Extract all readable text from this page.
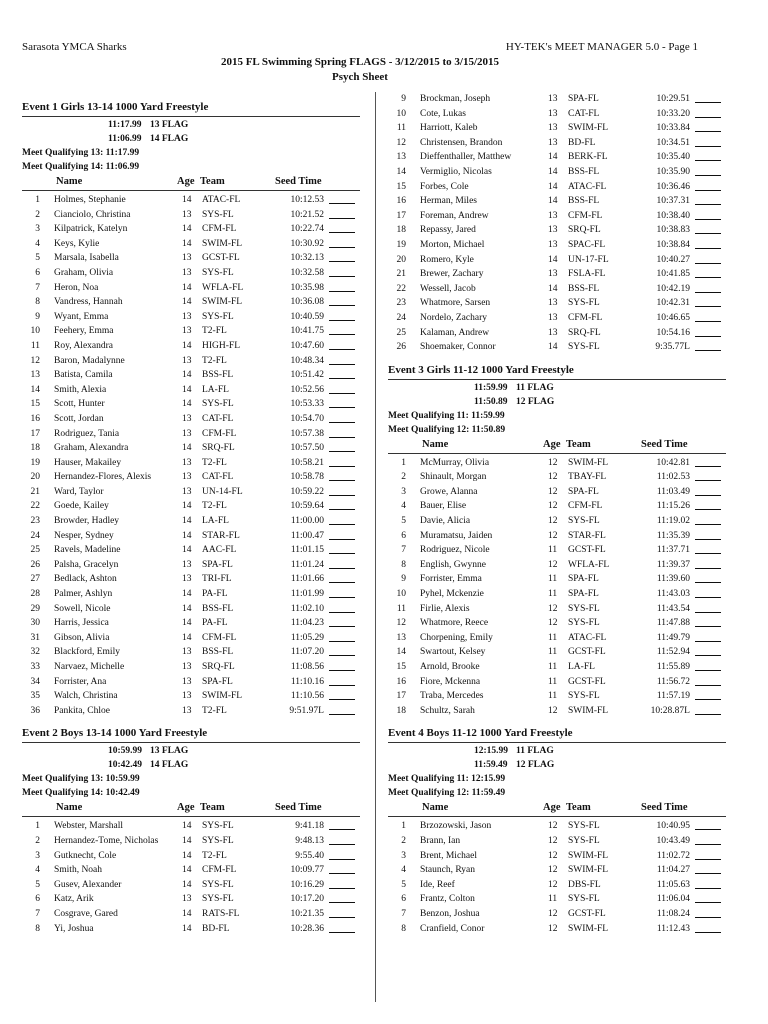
Sarasota YMCA Sharks	HY-TEK's MEET MANAGER 5.0 - Page 1
2015 FL Swimming Spring FLAGS - 3/12/2015 to 3/15/2015
Psych Sheet
Event 1 Girls 13-14 1000 Yard Freestyle
11:17.99 13 FLAG
11:06.99 14 FLAG
Meet Qualifying 13: 11:17.99
Meet Qualifying 14: 11:06.99
Name	Age Team	Seed Time
1 Holmes, Stephanie	14 ATAC-FL	10:12.53
2 Cianciolo, Christina	13 SYS-FL	10:21.52
3 Kilpatrick, Katelyn	14 CFM-FL	10:22.74
4 Keys, Kylie	14 SWIM-FL	10:30.92
5 Marsala, Isabella	13 GCST-FL	10:32.13
6 Graham, Olivia	13 SYS-FL	10:32.58
7 Heron, Noa	14 WFLA-FL	10:35.98
8 Vandress, Hannah	14 SWIM-FL	10:36.08
9 Wyant, Emma	13 SYS-FL	10:40.59
10 Feehery, Emma	13 T2-FL	10:41.75
11 Roy, Alexandra	14 HIGH-FL	10:47.60
12 Baron, Madalynne	13 T2-FL	10:48.34
13 Batista, Camila	14 BSS-FL	10:51.42
14 Smith, Alexia	14 LA-FL	10:52.56
15 Scott, Hunter	14 SYS-FL	10:53.33
16 Scott, Jordan	13 CAT-FL	10:54.70
17 Rodriguez, Tania	13 CFM-FL	10:57.38
18 Graham, Alexandra	14 SRQ-FL	10:57.50
19 Hauser, Makailey	13 T2-FL	10:58.21
20 Hernandez-Flores, Alexis	13 CAT-FL	10:58.78
21 Ward, Taylor	13 UN-14-FL	10:59.22
22 Goede, Kailey	14 T2-FL	10:59.64
23 Browder, Hadley	14 LA-FL	11:00.00
24 Nesper, Sydney	14 STAR-FL	11:00.47
25 Ravels, Madeline	14 AAC-FL	11:01.15
26 Palsha, Gracelyn	13 SPA-FL	11:01.24
27 Bedlack, Ashton	13 TRI-FL	11:01.66
28 Palmer, Ashlyn	14 PA-FL	11:01.99
29 Sowell, Nicole	14 BSS-FL	11:02.10
30 Harris, Jessica	14 PA-FL	11:04.23
31 Gibson, Alivia	14 CFM-FL	11:05.29
32 Blackford, Emily	13 BSS-FL	11:07.20
33 Narvaez, Michelle	13 SRQ-FL	11:08.56
34 Forrister, Ana	13 SPA-FL	11:10.16
35 Walch, Christina	13 SWIM-FL	11:10.56
36 Pankita, Chloe	13 T2-FL	9:51.97L
Event 2 Boys 13-14 1000 Yard Freestyle
10:59.99 13 FLAG
10:42.49 14 FLAG
Meet Qualifying 13: 10:59.99
Meet Qualifying 14: 10:42.49
Name	Age Team	Seed Time
1 Webster, Marshall	14 SYS-FL	9:41.18
2 Hernandez-Tome, Nicholas 14 SYS-FL	9:48.13
3 Gutknecht, Cole	14 T2-FL	9:55.40
4 Smith, Noah	14 CFM-FL	10:09.77
5 Gusev, Alexander	14 SYS-FL	10:16.29
6 Katz, Arik	13 SYS-FL	10:17.20
7 Cosgrave, Gared	14 RATS-FL	10:21.35
8 Yi, Joshua	14 BD-FL	10:28.36
9 Brockman, Joseph	13 SPA-FL	10:29.51
10 Cote, Lukas	13 CAT-FL	10:33.20
11 Harriott, Kaleb	13 SWIM-FL	10:33.84
12 Christensen, Brandon	13 BD-FL	10:34.51
13 Dieffenthaller, Matthew	14 BERK-FL	10:35.40
14 Vermiglio, Nicolas	14 BSS-FL	10:35.90
15 Forbes, Cole	14 ATAC-FL	10:36.46
16 Herman, Miles	14 BSS-FL	10:37.31
17 Foreman, Andrew	13 CFM-FL	10:38.40
18 Repassy, Jared	13 SRQ-FL	10:38.83
19 Morton, Michael	13 SPAC-FL	10:38.84
20 Romero, Kyle	14 UN-17-FL	10:40.27
21 Brewer, Zachary	13 FSLA-FL	10:41.85
22 Wessell, Jacob	14 BSS-FL	10:42.19
23 Whatmore, Sarsen	13 SYS-FL	10:42.31
24 Nordelo, Zachary	13 CFM-FL	10:46.65
25 Kalaman, Andrew	13 SRQ-FL	10:54.16
26 Shoemaker, Connor	14 SYS-FL	9:35.77L
Event 3 Girls 11-12 1000 Yard Freestyle
11:59.99 11 FLAG
11:50.89 12 FLAG
Meet Qualifying 11: 11:59.99
Meet Qualifying 12: 11:50.89
Name	Age Team	Seed Time
1 McMurray, Olivia	12 SWIM-FL	10:42.81
2 Shinault, Morgan	12 TBAY-FL	11:02.53
3 Growe, Alanna	12 SPA-FL	11:03.49
4 Bauer, Elise	12 CFM-FL	11:15.26
5 Davie, Alicia	12 SYS-FL	11:19.02
6 Muramatsu, Jaiden	12 STAR-FL	11:35.39
7 Rodriguez, Nicole	11 GCST-FL	11:37.71
8 English, Gwynne	12 WFLA-FL	11:39.37
9 Forrister, Emma	11 SPA-FL	11:39.60
10 Pyhel, Mckenzie	11 SPA-FL	11:43.03
11 Firlie, Alexis	12 SYS-FL	11:43.54
12 Whatmore, Reece	12 SYS-FL	11:47.88
13 Chorpening, Emily	11 ATAC-FL	11:49.79
14 Swartout, Kelsey	11 GCST-FL	11:52.94
15 Arnold, Brooke	11 LA-FL	11:55.89
16 Fiore, Mckenna	11 GCST-FL	11:56.72
17 Traba, Mercedes	11 SYS-FL	11:57.19
18 Schultz, Sarah	12 SWIM-FL	10:28.87L
Event 4 Boys 11-12 1000 Yard Freestyle
12:15.99 11 FLAG
11:59.49 12 FLAG
Meet Qualifying 11: 12:15.99
Meet Qualifying 12: 11:59.49
Name	Age Team	Seed Time
1 Brzozowski, Jason	12 SYS-FL	10:40.95
2 Brann, Ian	12 SYS-FL	10:43.49
3 Brent, Michael	12 SWIM-FL	11:02.72
4 Staunch, Ryan	12 SWIM-FL	11:04.27
5 Ide, Reef	12 DBS-FL	11:05.63
6 Frantz, Colton	11 SYS-FL	11:06.04
7 Benzon, Joshua	12 GCST-FL	11:08.24
8 Cranfield, Conor	12 SWIM-FL	11:12.43
